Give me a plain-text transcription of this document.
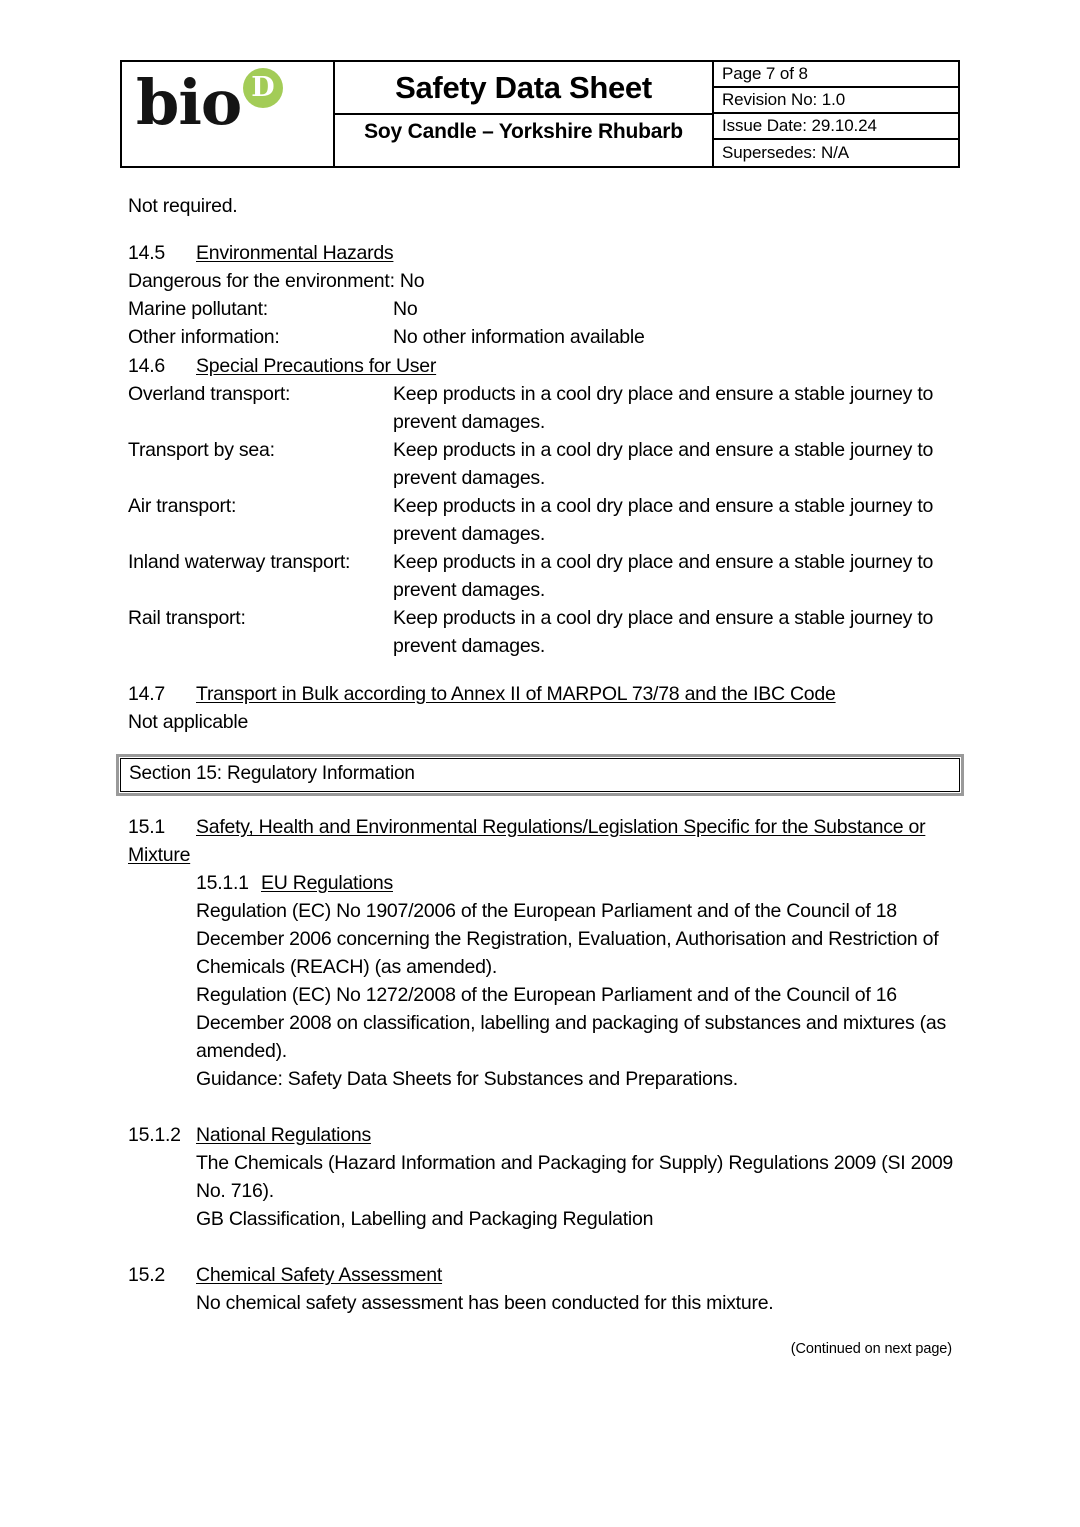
bio D	Safety Data Sheet
Soy Candle – Yorkshire Rhubarb
Page 7 of 8
Revision No: 1.0
Issue Date: 29.10.24
Supersedes: N/A
Not required.
14.5 Environmental Hazards
Dangerous for the environment: No
Marine pollutant:	No
Other information:	No other information available
14.6 Special Precautions for User
Overland transport:	Keep products in a cool dry place and ensure a stable journey to
prevent damages.
Transport by sea:	Keep products in a cool dry place and ensure a stable journey to
prevent damages.
Air transport:	Keep products in a cool dry place and ensure a stable journey to
prevent damages.
Inland waterway transport: Keep products in a cool dry place and ensure a stable journey to
prevent damages.
Rail transport:	Keep products in a cool dry place and ensure a stable journey to
prevent damages.
14.7 Transport in Bulk according to Annex II of MARPOL 73/78 and the IBC Code
Not applicable
Section 15: Regulatory Information
15.1 Safety, Health and Environmental Regulations/Legislation Specific for the Substance or
Mixture
15.1.1 EU Regulations
Regulation (EC) No 1907/2006 of the European Parliament and of the Council of 18
December 2006 concerning the Registration, Evaluation, Authorisation and Restriction of
Chemicals (REACH) (as amended).
Regulation (EC) No 1272/2008 of the European Parliament and of the Council of 16
December 2008 on classification, labelling and packaging of substances and mixtures (as
amended).
Guidance: Safety Data Sheets for Substances and Preparations.
15.1.2 National Regulations
The Chemicals (Hazard Information and Packaging for Supply) Regulations 2009 (SI 2009
No. 716).
GB Classification, Labelling and Packaging Regulation
15.2 Chemical Safety Assessment
No chemical safety assessment has been conducted for this mixture.
(Continued on next page)
